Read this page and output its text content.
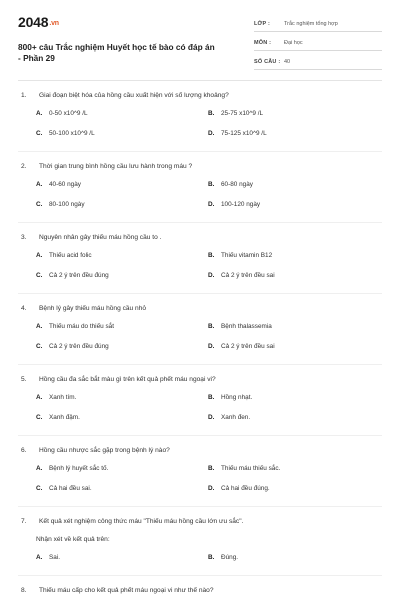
2048.vn
800+ câu Trắc nghiệm Huyết học tế bào có đáp án - Phần 29
LỚP :	Trắc nghiệm tổng hợp
MÔN :	Đại học
SỐ CÂU : 40
1.	Giai đoạn biệt hóa của hồng cầu xuất hiện với số lượng khoảng?
A.	0-50 x10^9 /L	B.	25-75 x10^9 /L
C.	50-100 x10^9 /L	D.	75-125 x10^9 /L
2.	Thời gian trung bình hồng cầu lưu hành trong máu ?
A.	40-60 ngày	B.	60-80 ngày
C.	80-100 ngày	D.	100-120 ngày
3.	Nguyên nhân gây thiếu máu hồng cầu to .
A.	Thiếu acid folic	B.	Thiếu vitamin B12
C.	Cả 2 ý trên đều đúng	D.	Cả 2 ý trên đều sai
4.	Bệnh lý gây thiếu máu hồng cầu nhỏ
A.	Thiếu máu do thiếu sắt	B.	Bệnh thalassemia
C.	Cả 2 ý trên đều đúng	D.	Cả 2 ý trên đều sai
5.	Hồng cầu đa sắc bắt màu gì trên kết quả phết máu ngoại vi?
A.	Xanh tím.	B.	Hồng nhạt.
C.	Xanh đậm.	D.	Xanh đen.
6.	Hồng cầu nhược sắc gặp trong bệnh lý nào?
A.	Bệnh lý huyết sắc tố.	B.	Thiếu máu thiếu sắc.
C.	Cả hai đều sai.	D.	Cả hai đều đúng.
7.	Kết quả xét nghiệm công thức máu "Thiếu máu hồng cầu lớn ưu sắc".
Nhận xét về kết quả trên:
A.	Sai.	B.	Đúng.
8.	Thiếu máu cấp cho kết quả phết máu ngoại vi như thế nào?
